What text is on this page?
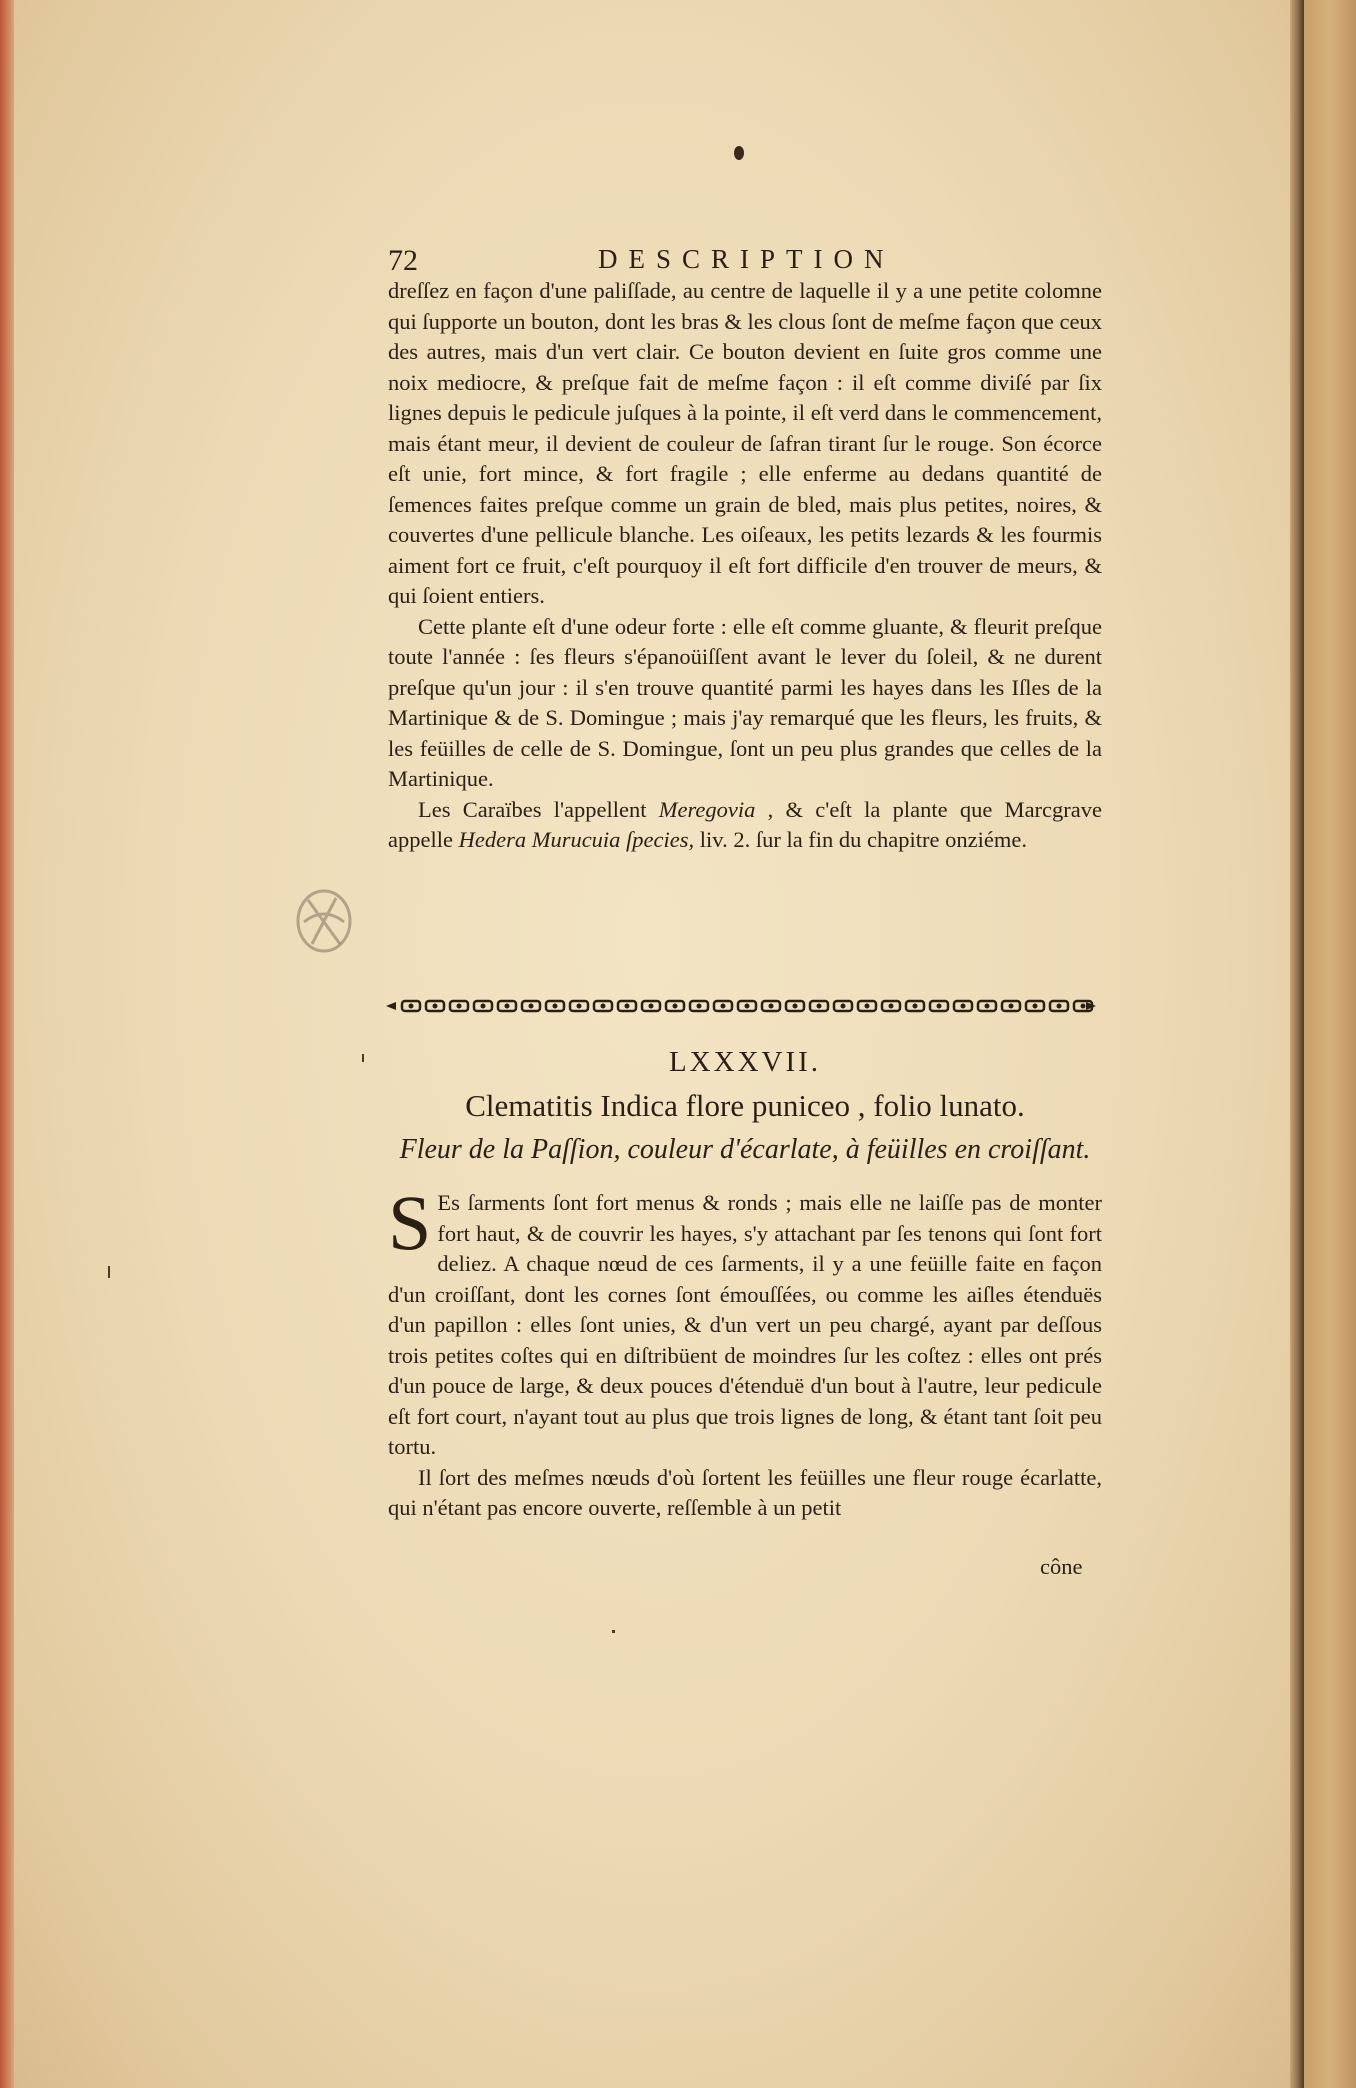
72	DESCRIPTION

dreſſez en façon d'une paliſſade, au centre de laquelle il y a une petite colomne qui ſupporte un bouton, dont les bras & les clous ſont de meſme façon que ceux des autres, mais d'un vert clair. Ce bouton devient en ſuite gros comme une noix mediocre, & preſque fait de meſme façon : il eſt comme diviſé par ſix lignes depuis le pedicule juſques à la pointe, il eſt verd dans le commencement, mais étant meur, il devient de couleur de ſafran tirant ſur le rouge. Son écorce eſt unie, fort mince, & fort fragile ; elle enferme au dedans quantité de ſemences faites preſque comme un grain de bled, mais plus petites, noires, & couvertes d'une pellicule blanche. Les oiſeaux, les petits lezards & les fourmis aiment fort ce fruit, c'eſt pourquoy il eſt fort difficile d'en trouver de meurs, & qui ſoient entiers.

Cette plante eſt d'une odeur forte : elle eſt comme gluante, & fleurit preſque toute l'année : ſes fleurs s'épanoüiſſent avant le lever du ſoleil, & ne durent preſque qu'un jour : il s'en trouve quantité parmi les hayes dans les Iſles de la Martinique & de S. Domingue ; mais j'ay remarqué que les fleurs, les fruits, & les feüilles de celle de S. Domingue, ſont un peu plus grandes que celles de la Martinique.

Les Caraïbes l'appellent Meregovia , & c'eſt la plante que Marcgrave appelle Hedera Murucuia ſpecies, liv. 2. ſur la fin du chapitre onziéme.

LXXXVII.
Clematitis Indica flore puniceo , folio lunato.
Fleur de la Paſſion, couleur d'écarlate, à feüilles en croiſſant.

S Es ſarments ſont fort menus & ronds ; mais elle ne laiſſe pas de monter fort haut, & de couvrir les hayes, s'y attachant par ſes tenons qui ſont fort deliez. A chaque nœud de ces ſarments, il y a une feüille faite en façon d'un croiſſant, dont les cornes ſont émouſſées, ou comme les aiſles étenduës d'un papillon : elles ſont unies, & d'un vert un peu chargé, ayant par deſſous trois petites coſtes qui en diſtribüent de moindres ſur les coſtez : elles ont prés d'un pouce de large, & deux pouces d'étenduë d'un bout à l'autre, leur pedicule eſt fort court, n'ayant tout au plus que trois lignes de long, & étant tant ſoit peu tortu.

Il ſort des meſmes nœuds d'où ſortent les feüilles une fleur rouge écarlatte, qui n'étant pas encore ouverte, reſſemble à un petit

cône
